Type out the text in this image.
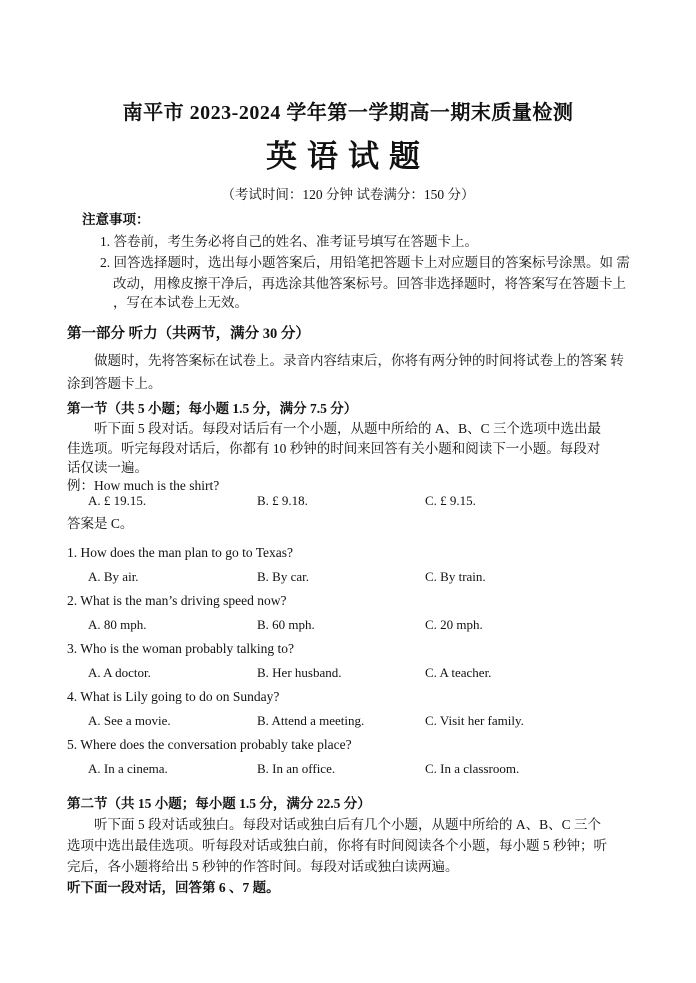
南平市 2023-2024 学年第一学期高一期末质量检测
英语试题
（考试时间：120 分钟 试卷满分：150 分）
注意事项：
1. 答卷前，考生务必将自己的姓名、准考证号填写在答题卡上。
2. 回答选择题时，选出每小题答案后，用铅笔把答题卡上对应题目的答案标号涂黑。如 需
改动，用橡皮擦干净后，再选涂其他答案标号。回答非选择题时，将答案写在答题卡上
，写在本试卷上无效。
第一部分 听力（共两节，满分 30 分）
做题时，先将答案标在试卷上。录音内容结束后，你将有两分钟的时间将试卷上的答案 转
涂到答题卡上。
第一节（共 5 小题；每小题 1.5 分，满分 7.5 分）
听下面 5 段对话。每段对话后有一个小题，从题中所给的 A、B、C 三个选项中选出最
佳选项。听完每段对话后，你都有 10 秒钟的时间来回答有关小题和阅读下一小题。每段对
话仅读一遍。
例：How much is the shirt?
A. £ 19.15.	B. £ 9.18.	C. £ 9.15.
答案是 C。
1. How does the man plan to go to Texas?
A. By air.	B. By car.	C. By train.
2. What is the man’s driving speed now?
A. 80 mph.	B. 60 mph.	C. 20 mph.
3. Who is the woman probably talking to?
A. A doctor.	B. Her husband.	C. A teacher.
4. What is Lily going to do on Sunday?
A. See a movie.	B. Attend a meeting.	C. Visit her family.
5. Where does the conversation probably take place?
A. In a cinema.	B. In an office.	C. In a classroom.
第二节（共 15 小题；每小题 1.5 分，满分 22.5 分）
听下面 5 段对话或独白。每段对话或独白后有几个小题，从题中所给的 A、B、C 三个
选项中选出最佳选项。听每段对话或独白前，你将有时间阅读各个小题，每小题 5 秒钟；听
完后，各小题将给出 5 秒钟的作答时间。每段对话或独白读两遍。
听下面一段对话，回答第 6 、7 题。
